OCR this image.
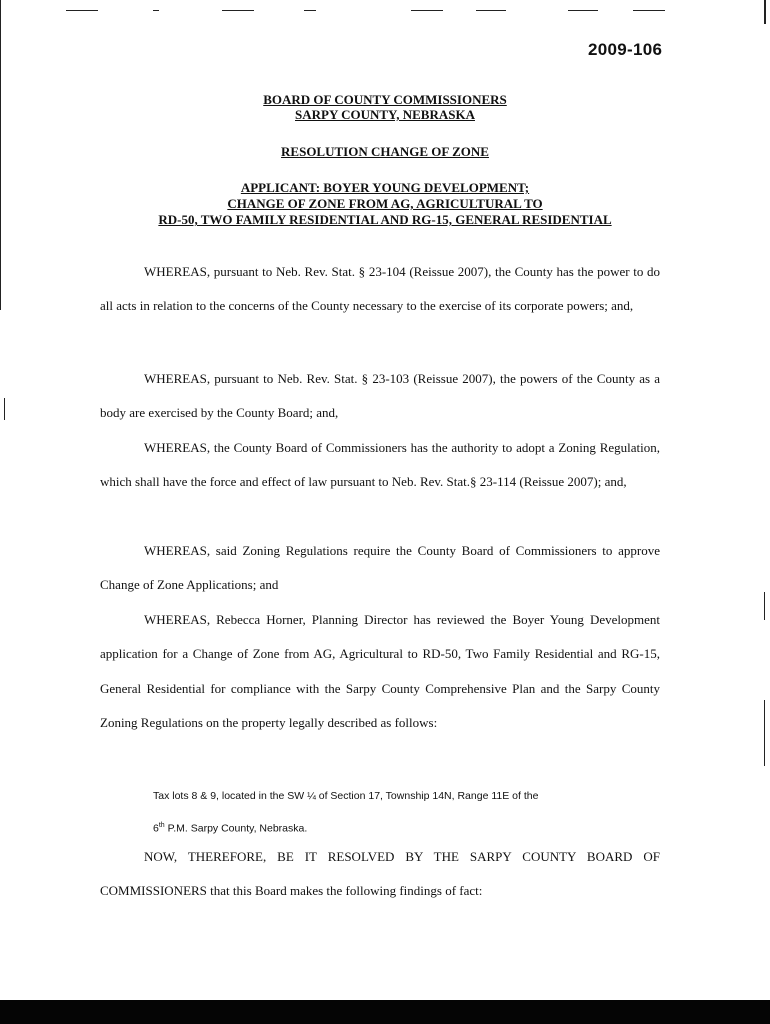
2009-106
BOARD OF COUNTY COMMISSIONERS
SARPY COUNTY, NEBRASKA
RESOLUTION CHANGE OF ZONE
APPLICANT: BOYER YOUNG DEVELOPMENT;
CHANGE OF ZONE FROM AG, AGRICULTURAL TO
RD-50, TWO FAMILY RESIDENTIAL AND RG-15, GENERAL RESIDENTIAL
WHEREAS, pursuant to Neb. Rev. Stat. § 23-104 (Reissue 2007), the County has the power to do all acts in relation to the concerns of the County necessary to the exercise of its corporate powers; and,
WHEREAS, pursuant to Neb. Rev. Stat. § 23-103 (Reissue 2007), the powers of the County as a body are exercised by the County Board; and,
WHEREAS, the County Board of Commissioners has the authority to adopt a Zoning Regulation, which shall have the force and effect of law pursuant to Neb. Rev. Stat.§ 23-114 (Reissue 2007); and,
WHEREAS, said Zoning Regulations require the County Board of Commissioners to approve Change of Zone Applications; and
WHEREAS, Rebecca Horner, Planning Director has reviewed the Boyer Young Development application for a Change of Zone from AG, Agricultural to RD-50, Two Family Residential and RG-15, General Residential for compliance with the Sarpy County Comprehensive Plan and the Sarpy County Zoning Regulations on the property legally described as follows:
Tax lots 8 & 9, located in the SW ¼ of Section 17, Township 14N, Range 11E of the
6th P.M. Sarpy County, Nebraska.
NOW, THEREFORE, BE IT RESOLVED BY THE SARPY COUNTY BOARD OF COMMISSIONERS that this Board makes the following findings of fact:
